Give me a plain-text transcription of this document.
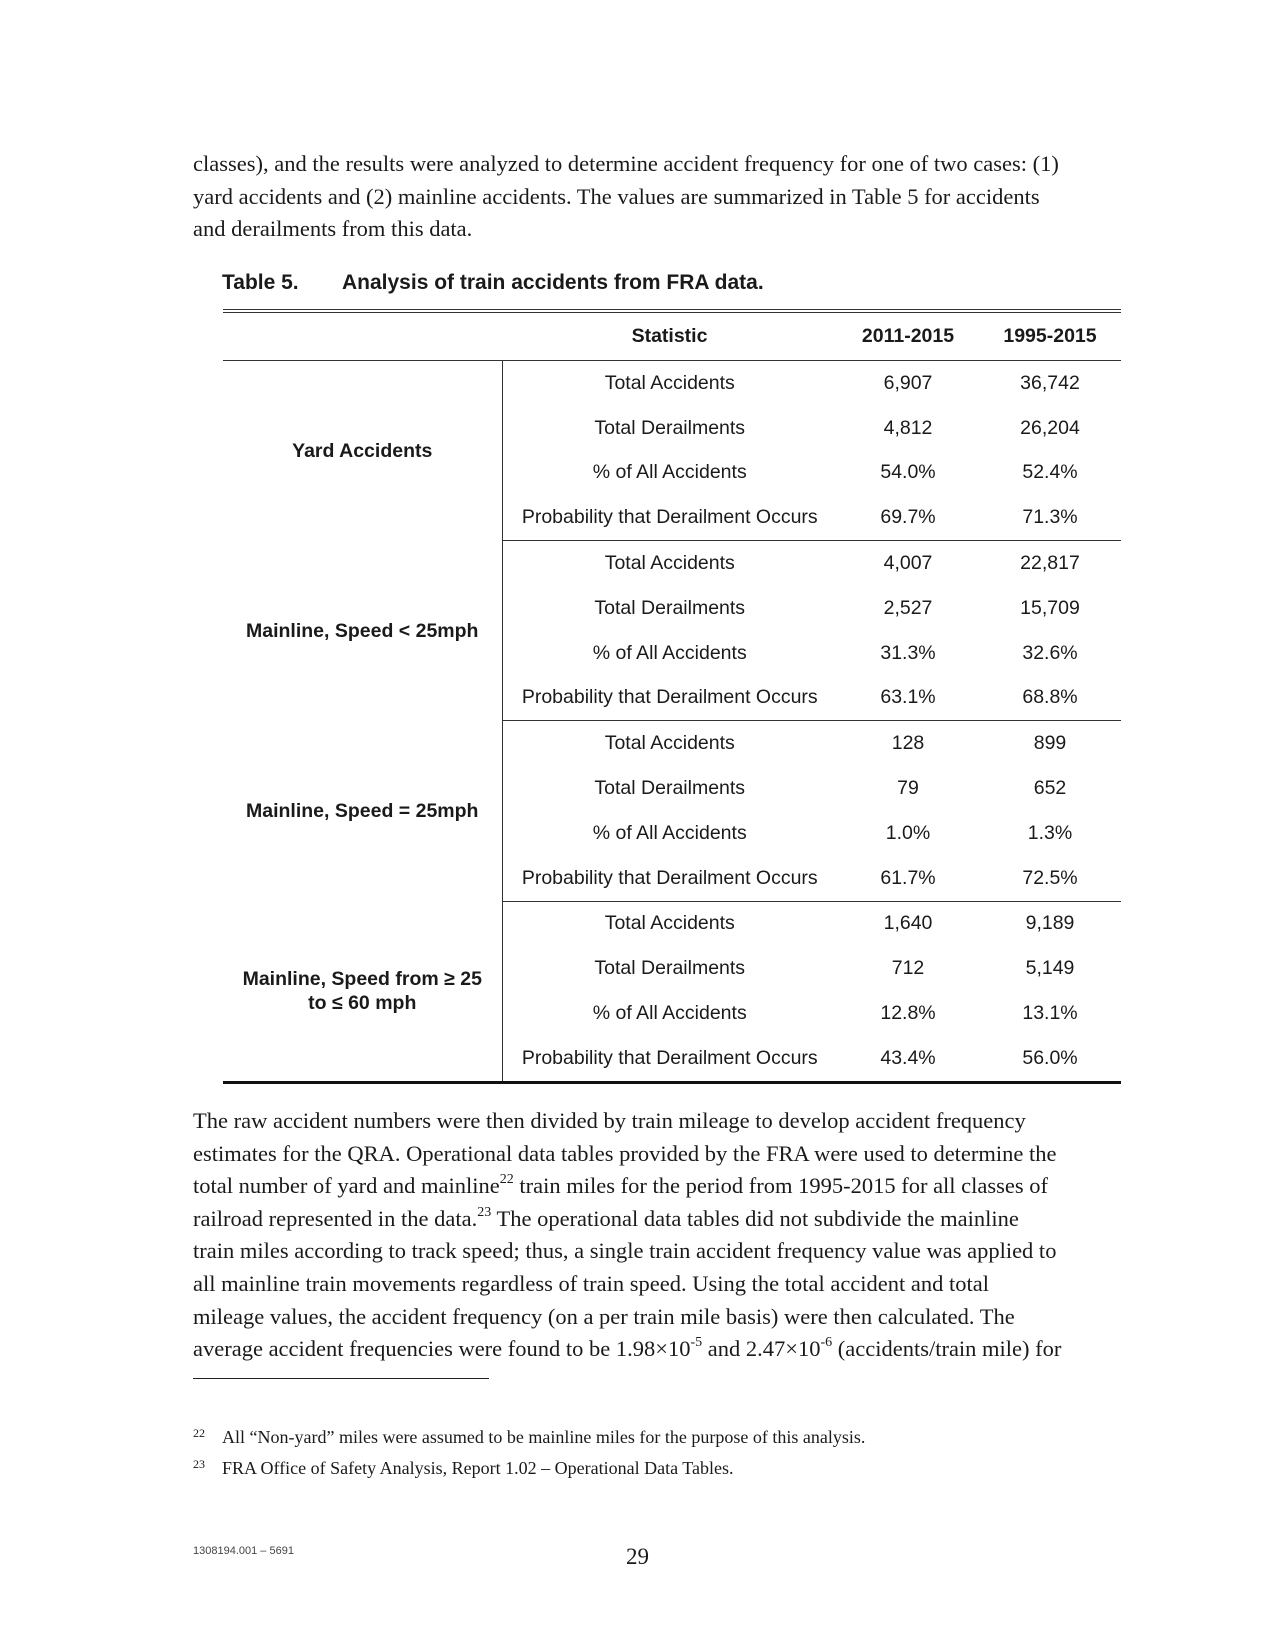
classes), and the results were analyzed to determine accident frequency for one of two cases: (1)
yard accidents and (2) mainline accidents. The values are summarized in Table 5 for accidents
and derailments from this data.

Table 5. Analysis of train accidents from FRA data.

	Statistic	2011-2015	1995-2015
Yard Accidents	Total Accidents	6,907	36,742
	Total Derailments	4,812	26,204
	% of All Accidents	54.0%	52.4%
	Probability that Derailment Occurs	69.7%	71.3%
Mainline, Speed < 25mph	Total Accidents	4,007	22,817
	Total Derailments	2,527	15,709
	% of All Accidents	31.3%	32.6%
	Probability that Derailment Occurs	63.1%	68.8%
Mainline, Speed = 25mph	Total Accidents	128	899
	Total Derailments	79	652
	% of All Accidents	1.0%	1.3%
	Probability that Derailment Occurs	61.7%	72.5%
Mainline, Speed from ≥ 25
to ≤ 60 mph	Total Accidents	1,640	9,189
	Total Derailments	712	5,149
	% of All Accidents	12.8%	13.1%
	Probability that Derailment Occurs	43.4%	56.0%
The raw accident numbers were then divided by train mileage to develop accident frequency
estimates for the QRA. Operational data tables provided by the FRA were used to determine the
total number of yard and mainline$^{22}$ train miles for the period from 1995-2015 for all classes of
railroad represented in the data.$^{23}$ The operational data tables did not subdivide the mainline
train miles according to track speed; thus, a single train accident frequency value was applied to
all mainline train movements regardless of train speed. Using the total accident and total
mileage values, the accident frequency (on a per train mile basis) were then calculated. The
average accident frequencies were found to be $1.98\times 10^{-5}$ and $2.47\times 10^{-6}$ (accidents/train mile) for

22 All “Non-yard” miles were assumed to be mainline miles for the purpose of this analysis.

23 FRA Office of Safety Analysis, Report 1.02 – Operational Data Tables.

1308194.001 – 5691	29
